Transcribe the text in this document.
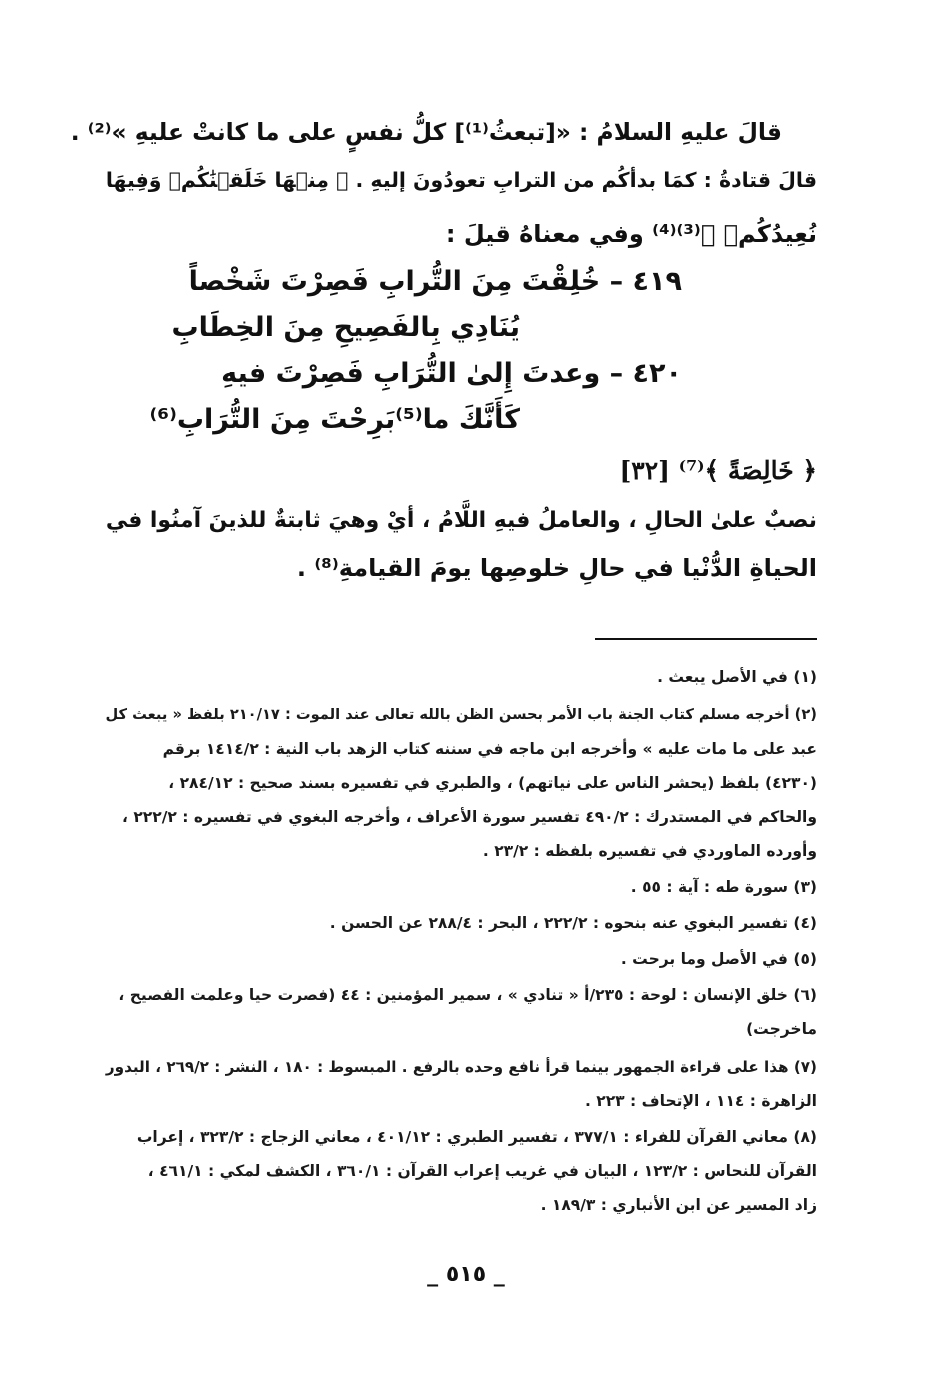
قالَ عليهِ السلامُ : «[تبعثُ⁽¹⁾] كلُّ نفسٍ على ما كانتْ عليهِ »⁽²⁾ .
قالَ قتادةُ : كمَا بدأكُم من الترابِ تعودُونَ إليهِ . ﴿ مِنۡهَا خَلَقۡنَٰكُمۡ وَفِيهَا
نُعِيدُكُمۡ ﴾⁽³⁾⁽⁴⁾ وفي معناهُ قيلَ :
٤١٩ – خُلِقْتَ مِنَ التُّرابِ فَصِرْتَ شَخْصاً
يُنَادِي بِالفَصِيحِ مِنَ الخِطَابِ
٤٢٠ – وعدتَ إِلىٰ التُّرَابِ فَصِرْتَ فيهِ
كَأَنَّكَ ما⁽⁵⁾بَرِحْتَ مِنَ التُّرَابِ⁽⁶⁾
﴿ خَالِصَةً ﴾⁽⁷⁾ [٣٢]
نصبٌ علىٰ الحالِ ، والعاملُ فيهِ اللَّامُ ، أيْ وهيَ ثابتةٌ للذينَ آمنُوا في
الحياةِ الدُّنْيا في حالِ خلوصِها يومَ القيامةِ⁽⁸⁾ .
(١) في الأصل يبعث .
(٢) أخرجه مسلم كتاب الجنة باب الأمر بحسن الظن بالله تعالى عند الموت : ٢١٠/١٧ بلفظ « يبعث كل
عبد على ما مات عليه » وأخرجه ابن ماجه في سننه كتاب الزهد باب النية : ١٤١٤/٢ برقم
(٤٢٣٠) بلفظ (يحشر الناس على نياتهم) ، والطبري في تفسيره بسند صحيح : ٢٨٤/١٢ ،
والحاكم في المستدرك : ٤٩٠/٢ تفسير سورة الأعراف ، وأخرجه البغوي في تفسيره : ٢٢٢/٢ ،
وأورده الماوردي في تفسيره بلفظه : ٢٣/٢ .
(٣) سورة طه : آية : ٥٥ .
(٤) تفسير البغوي عنه بنحوه : ٢٢٢/٢ ، البحر : ٢٨٨/٤ عن الحسن .
(٥) في الأصل وما برحت .
(٦) خلق الإنسان : لوحة : ٢٣٥/أ « تنادي » ، سمير المؤمنين : ٤٤ (فصرت حيا وعلمت الفصيح ،
ماخرجت)
(٧) هذا على قراءة الجمهور بينما قرأ نافع وحده بالرفع . المبسوط : ١٨٠ ، النشر : ٢٦٩/٢ ، البدور
الزاهرة : ١١٤ ، الإتحاف : ٢٢٣ .
(٨) معاني القرآن للفراء : ٣٧٧/١ ، تفسير الطبري : ٤٠١/١٢ ، معاني الزجاج : ٣٢٣/٢ ، إعراب
القرآن للنحاس : ١٢٣/٢ ، البيان في غريب إعراب القرآن : ٣٦٠/١ ، الكشف لمكي : ٤٦١/١ ،
زاد المسير عن ابن الأنباري : ١٨٩/٣ .
_ ٥١٥ _
